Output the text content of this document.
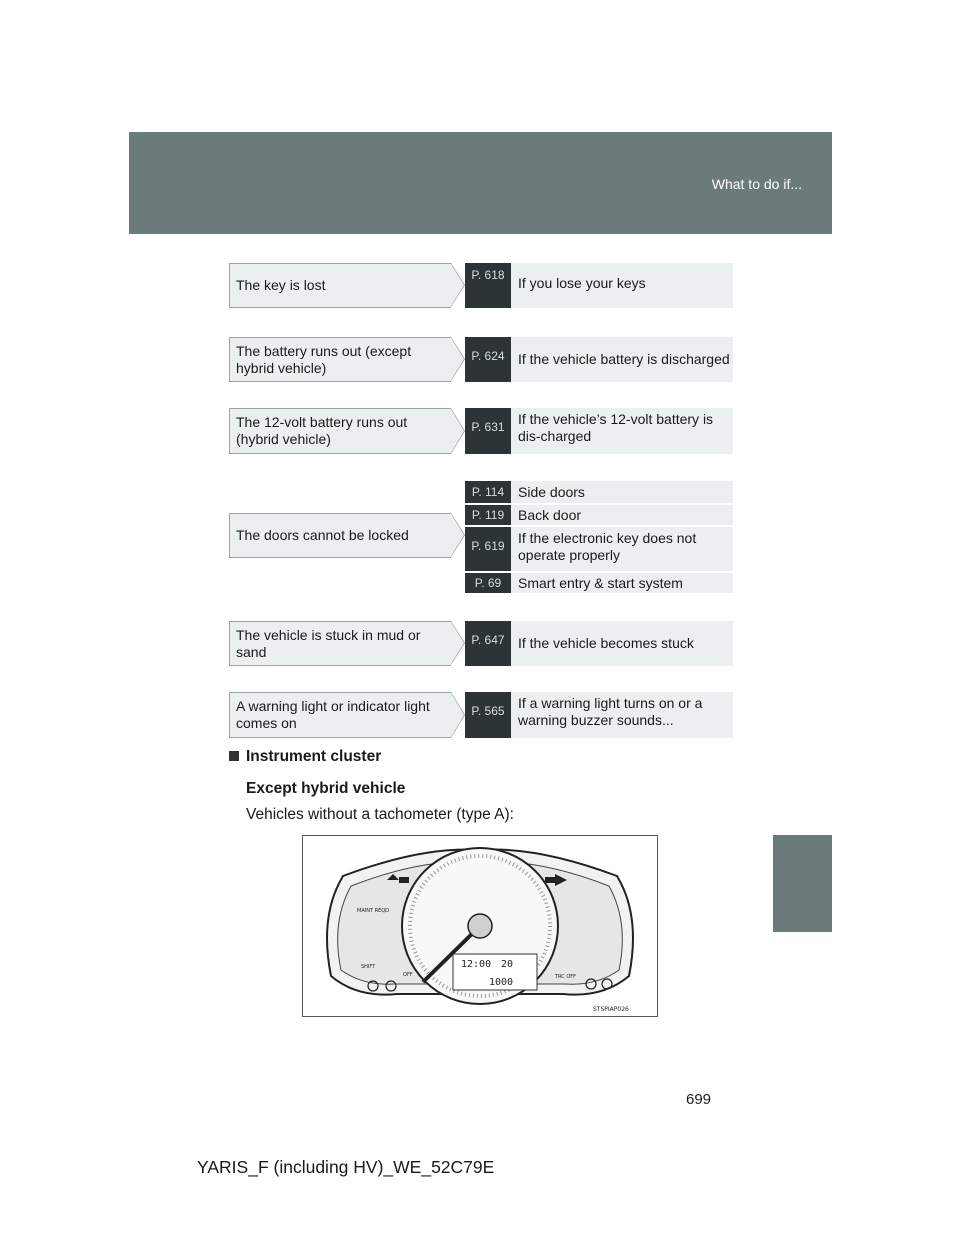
What to do if...
The key is lost
P. 618 If you lose your keys
The battery runs out (except hybrid vehicle)
P. 624 If the vehicle battery is discharged
The 12-volt battery runs out (hybrid vehicle)
P. 631 If the vehicle’s 12-volt battery is dis-charged
The doors cannot be locked
P. 114 Side doors
P. 119 Back door
P. 619 If the electronic key does not operate properly
P. 69	Smart entry & start system
The vehicle is stuck in mud or sand
P. 647 If the vehicle becomes stuck
A warning light or indicator light comes on
P. 565 If a warning light turns on or a warning buzzer sounds...
Instrument cluster
Except hybrid vehicle
Vehicles without a tachometer (type A):
12:00 20
1000
MAINT REQD
SHIFT
OFF	TRC OFF
STSPIAP026
699
YARIS_F (including HV)_WE_52C79E
